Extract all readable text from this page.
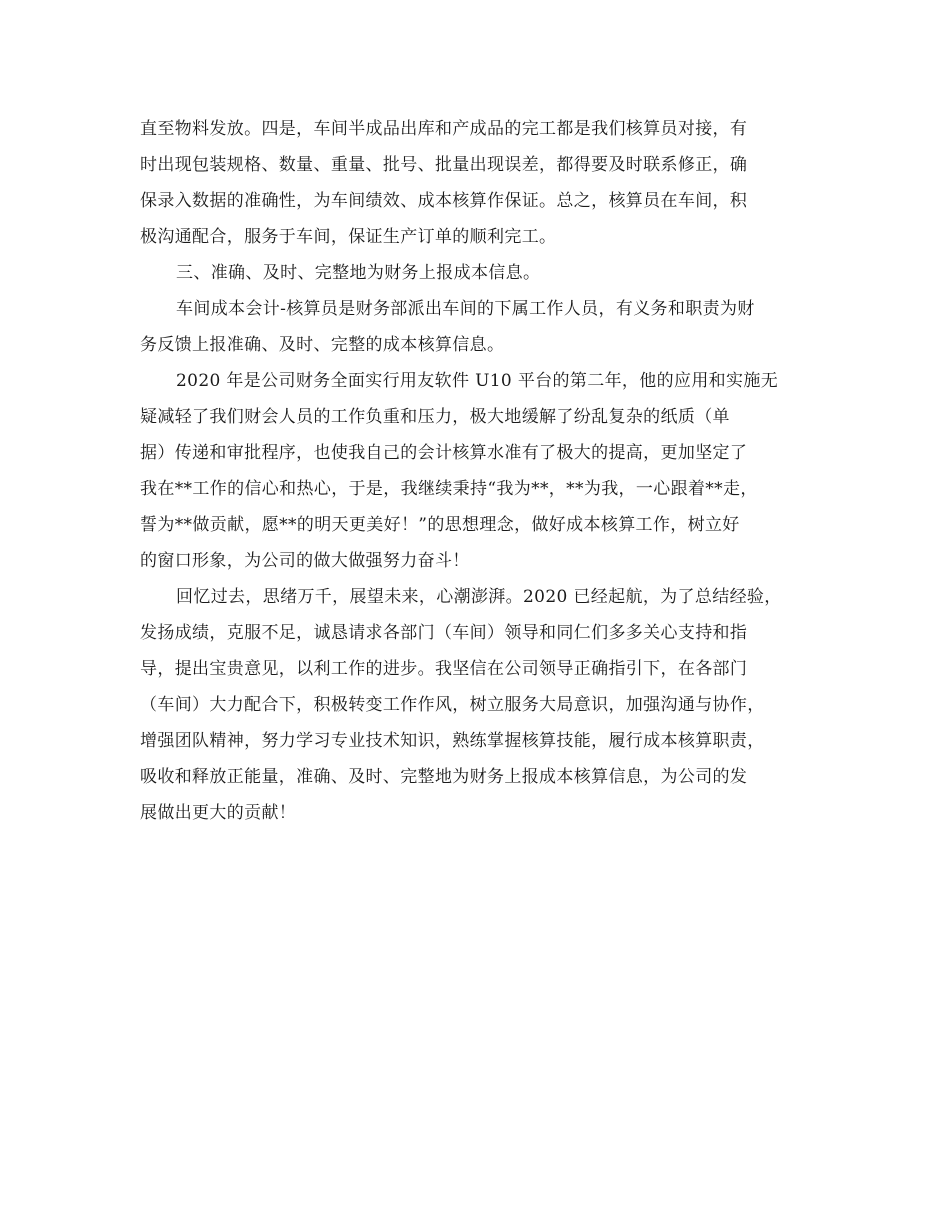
直至物料发放。四是，车间半成品出库和产成品的完工都是我们核算员对接，有
时出现包装规格、数量、重量、批号、批量出现误差，都得要及时联系修正，确
保录入数据的准确性，为车间绩效、成本核算作保证。总之，核算员在车间，积
极沟通配合，服务于车间，保证生产订单的顺利完工。
三、准确、及时、完整地为财务上报成本信息。
车间成本会计-核算员是财务部派出车间的下属工作人员，有义务和职责为财
务反馈上报准确、及时、完整的成本核算信息。
2020 年是公司财务全面实行用友软件 U10 平台的第二年，他的应用和实施无
疑减轻了我们财会人员的工作负重和压力，极大地缓解了纷乱复杂的纸质（单
据）传递和审批程序，也使我自己的会计核算水准有了极大的提高，更加坚定了
我在**工作的信心和热心，于是，我继续秉持“我为**，**为我，一心跟着**走，
誓为**做贡献，愿**的明天更美好！”的思想理念，做好成本核算工作，树立好
的窗口形象，为公司的做大做强努力奋斗！
回忆过去，思绪万千，展望未来，心潮澎湃。2020 已经起航，为了总结经验，
发扬成绩，克服不足，诚恳请求各部门（车间）领导和同仁们多多关心支持和指
导，提出宝贵意见，以利工作的进步。我坚信在公司领导正确指引下，在各部门
（车间）大力配合下，积极转变工作作风，树立服务大局意识，加强沟通与协作，
增强团队精神，努力学习专业技术知识，熟练掌握核算技能，履行成本核算职责，
吸收和释放正能量，准确、及时、完整地为财务上报成本核算信息，为公司的发
展做出更大的贡献！
